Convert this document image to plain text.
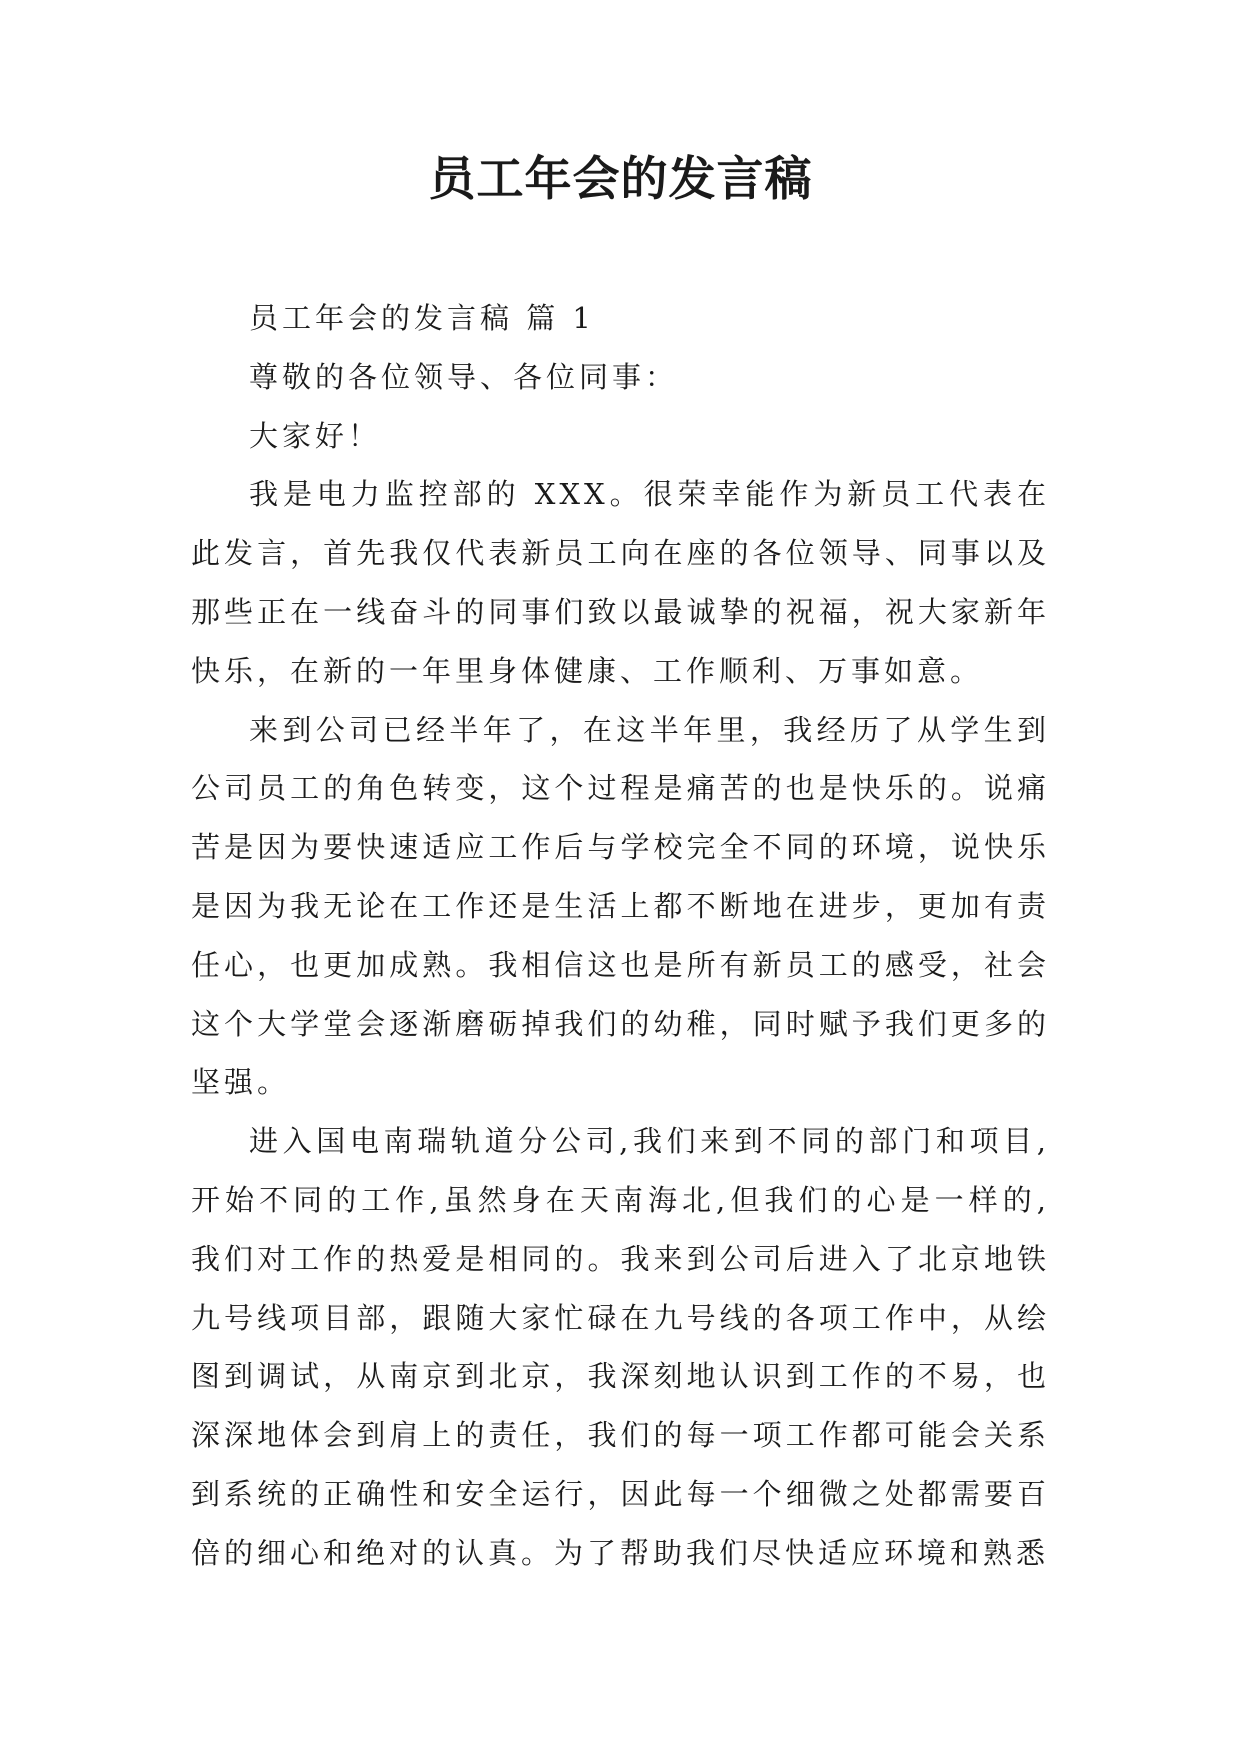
员工年会的发言稿

员工年会的发言稿 篇 1

尊敬的各位领导、各位同事：

大家好！

我是电力监控部的 XXX。很荣幸能作为新员工代表在此发言，首先我仅代表新员工向在座的各位领导、同事以及那些正在一线奋斗的同事们致以最诚挚的祝福，祝大家新年快乐，在新的一年里身体健康、工作顺利、万事如意。

来到公司已经半年了，在这半年里，我经历了从学生到公司员工的角色转变，这个过程是痛苦的也是快乐的。说痛苦是因为要快速适应工作后与学校完全不同的环境，说快乐是因为我无论在工作还是生活上都不断地在进步，更加有责任心，也更加成熟。我相信这也是所有新员工的感受，社会这个大学堂会逐渐磨砺掉我们的幼稚，同时赋予我们更多的坚强。

进入国电南瑞轨道分公司,我们来到不同的部门和项目,开始不同的工作,虽然身在天南海北,但我们的心是一样的,我们对工作的热爱是相同的。我来到公司后进入了北京地铁九号线项目部，跟随大家忙碌在九号线的各项工作中，从绘图到调试，从南京到北京，我深刻地认识到工作的不易，也深深地体会到肩上的责任，我们的每一项工作都可能会关系到系统的正确性和安全运行，因此每一个细微之处都需要百倍的细心和绝对的认真。为了帮助我们尽快适应环境和熟悉
